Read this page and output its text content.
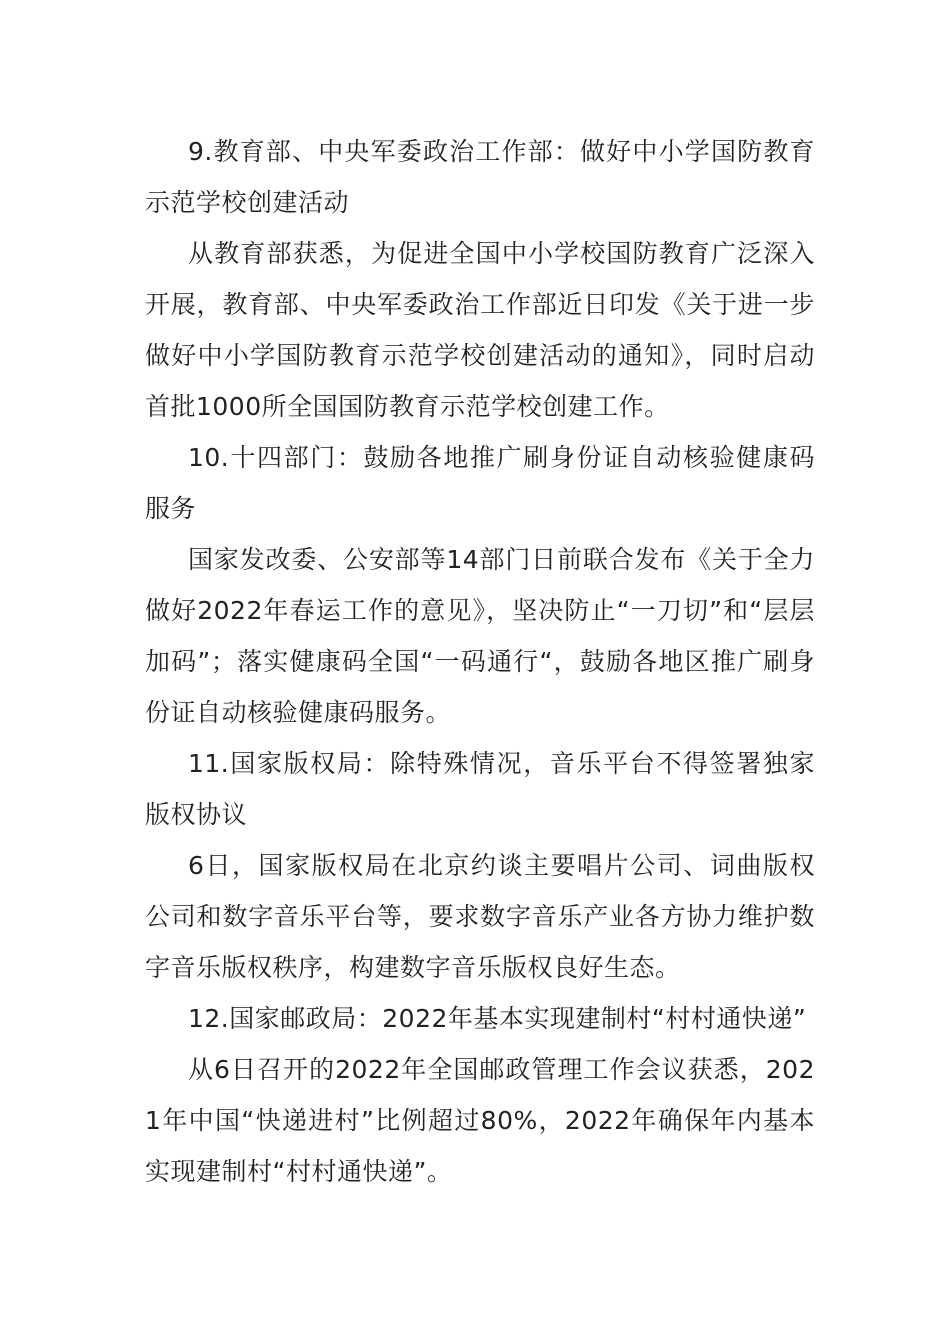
9.教育部、中央军委政治工作部：做好中小学国防教育示范学校创建活动

从教育部获悉，为促进全国中小学校国防教育广泛深入开展，教育部、中央军委政治工作部近日印发《关于进一步做好中小学国防教育示范学校创建活动的通知》，同时启动首批1000所全国国防教育示范学校创建工作。

10.十四部门：鼓励各地推广刷身份证自动核验健康码服务

国家发改委、公安部等14部门日前联合发布《关于全力做好2022年春运工作的意见》，坚决防止“一刀切”和“层层加码”；落实健康码全国“一码通行“，鼓励各地区推广刷身份证自动核验健康码服务。

11.国家版权局：除特殊情况，音乐平台不得签署独家版权协议

6日，国家版权局在北京约谈主要唱片公司、词曲版权公司和数字音乐平台等，要求数字音乐产业各方协力维护数字音乐版权秩序，构建数字音乐版权良好生态。

12.国家邮政局：2022年基本实现建制村“村村通快递”

从6日召开的2022年全国邮政管理工作会议获悉，2021年中国“快递进村”比例超过80%，2022年确保年内基本实现建制村“村村通快递”。
